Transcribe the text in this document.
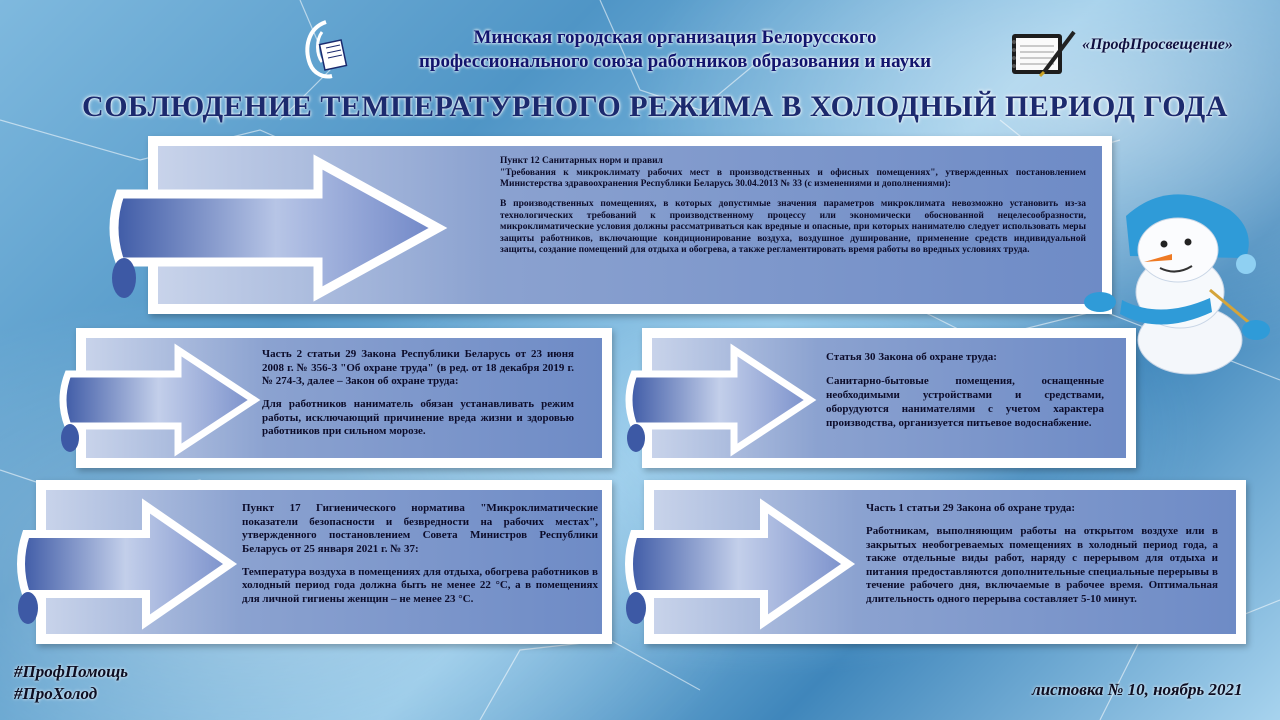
Минская городская организация Белорусского
профессионального союза работников образования и науки
«ПрофПросвещение»
СОБЛЮДЕНИЕ ТЕМПЕРАТУРНОГО РЕЖИМА В ХОЛОДНЫЙ ПЕРИОД ГОДА

Пункт 12 Санитарных норм и правил

"Требования к микроклимату рабочих мест в производственных и офисных помещениях", утвержденных постановлением Министерства здравоохранения Республики Беларусь 30.04.2013 № 33 (с изменениями и дополнениями):

В производственных помещениях, в которых допустимые значения параметров микроклимата невозможно установить из-за технологических требований к производственному процессу или экономически обоснованной нецелесообразности, микроклиматические условия должны рассматриваться как вредные и опасные, при которых нанимателю следует использовать меры защиты работников, включающие кондиционирование воздуха, воздушное душирование, применение средств индивидуальной защиты, создание помещений для отдыха и обогрева, а также регламентировать время работы во вредных условиях труда.

Часть 2 статьи 29 Закона Республики Беларусь от 23 июня 2008 г. № 356-З "Об охране труда" (в ред. от 18 декабря 2019 г. № 274-З, далее – Закон об охране труда:

Для работников наниматель обязан устанавливать режим работы, исключающий причинение вреда жизни и здоровью работников при сильном морозе.

Статья 30 Закона об охране труда:

Санитарно-бытовые помещения, оснащенные необходимыми устройствами и средствами, оборудуются нанимателями с учетом характера производства, организуется питьевое водоснабжение.

Пункт 17 Гигиенического норматива "Микроклиматические показатели безопасности и безвредности на рабочих местах", утвержденного постановлением Совета Министров Республики Беларусь от 25 января 2021 г. № 37:

Температура воздуха в помещениях для отдыха, обогрева работников в холодный период года должна быть не менее 22 °С, а в помещениях для личной гигиены женщин – не менее 23 °С.

Часть 1 статьи 29 Закона об охране труда:

Работникам, выполняющим работы на открытом воздухе или в закрытых необогреваемых помещениях в холодный период года, а также отдельные виды работ, наряду с перерывом для отдыха и питания предоставляются дополнительные специальные перерывы в течение рабочего дня, включаемые в рабочее время. Оптимальная длительность одного перерыва составляет 5-10 минут.

#ПрофПомощь
#ПроХолод	листовка № 10, ноябрь 2021
